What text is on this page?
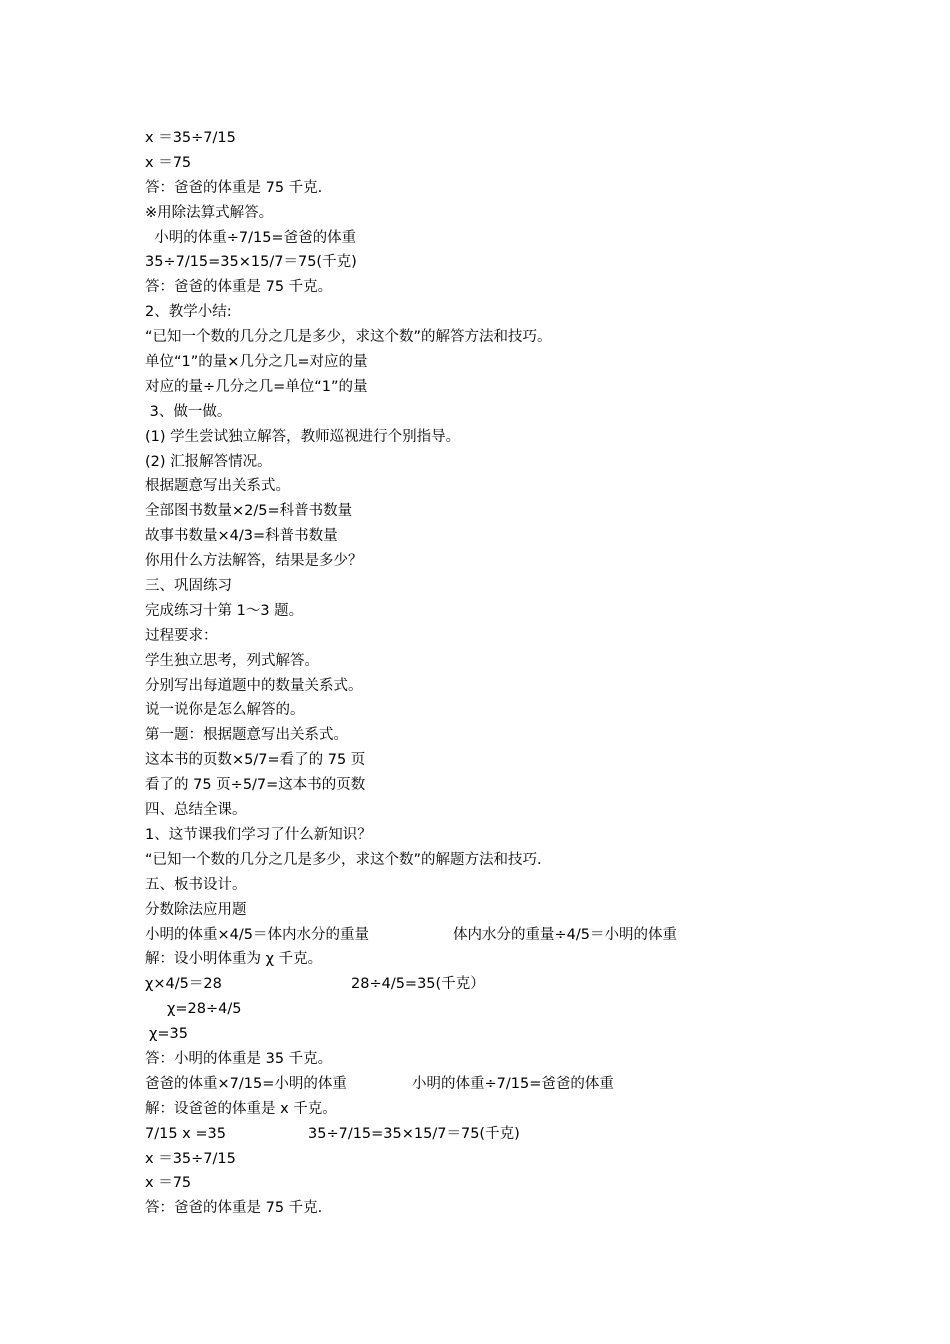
x ＝35÷7/15
x ＝75
答：爸爸的体重是 75 千克.
※用除法算式解答。
小明的体重÷7/15=爸爸的体重
35÷7/15=35×15/7＝75(千克)
答：爸爸的体重是 75 千克。
2、教学小结:
“已知一个数的几分之几是多少，求这个数”的解答方法和技巧。
单位“1”的量×几分之几=对应的量
对应的量÷几分之几=单位“1”的量
3、做一做。
(1) 学生尝试独立解答，教师巡视进行个别指导。
(2) 汇报解答情况。
根据题意写出关系式。
全部图书数量×2/5=科普书数量
故事书数量×4/3=科普书数量
你用什么方法解答，结果是多少？
三、巩固练习
完成练习十第 1～3 题。
过程要求：
学生独立思考，列式解答。
分别写出每道题中的数量关系式。
说一说你是怎么解答的。
第一题：根据题意写出关系式。
这本书的页数×5/7=看了的 75 页
看了的 75 页÷5/7=这本书的页数
四、总结全课。
1、这节课我们学习了什么新知识？
“已知一个数的几分之几是多少，求这个数”的解题方法和技巧.
五、板书设计。
分数除法应用题
小明的体重×4/5＝体内水分的重量	体内水分的重量÷4/5＝小明的体重
解：设小明体重为 χ 千克。
χ×4/5＝28	28÷4/5=35(千克）
χ=28÷4/5
χ=35
答：小明的体重是 35 千克。
爸爸的体重×7/15=小明的体重	小明的体重÷7/15=爸爸的体重
解：设爸爸的体重是 x 千克。
7/15 x =35	35÷7/15=35×15/7＝75(千克)
x ＝35÷7/15
x ＝75
答：爸爸的体重是 75 千克.
